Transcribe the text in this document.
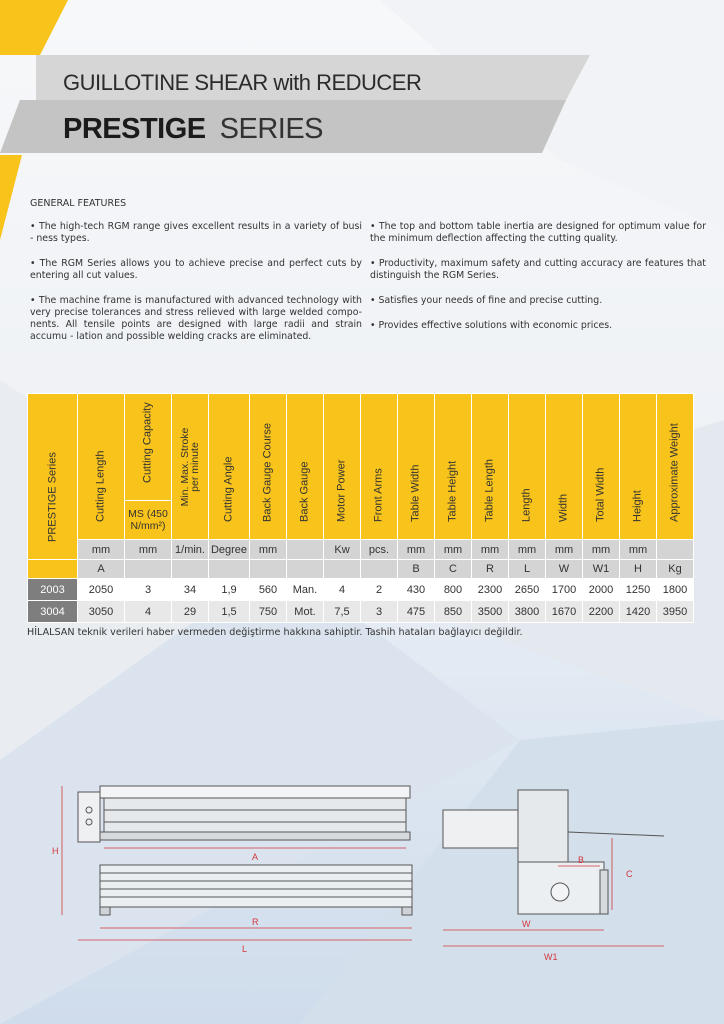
GUILLOTINE SHEAR with REDUCER
PRESTIGE SERIES
GENERAL FEATURES

• The high-tech RGM range gives excellent results in a variety of busi - ness types.

• The RGM Series allows you to achieve precise and perfect cuts by entering all cut values.

• The machine frame is manufactured with advanced technology with very precise tolerances and stress relieved with large welded compo- nents. All tensile points are designed with large radii and strain accumu - lation and possible welding cracks are eliminated.

• The top and bottom table inertia are designed for optimum value for the minimum deflection affecting the cutting quality.

• Productivity, maximum safety and cutting accuracy are features that distinguish the RGM Series.

• Satisfies your needs of fine and precise cutting.

• Provides effective solutions with economic prices.

PRESTIGE Series	Cutting Length	Cutting Capacity	Min. Max. Stroke per minute	Cutting Angle	Back Gauge Course	Back Gauge	Motor Power	Front Arms	Table Width	Table Height	Table Length	Length	Width	Total Width	Height	Approximate Weight

		MS (450 N/mm²)														
	mm	mm	1/min.	Degree	mm		Kw	pcs.	mm	mm	mm	mm	mm	mm	mm	
	A								B	C	R	L	W	W1	H	Kg
2003	2050	3	34	1,9	560	Man.	4	2	430	800	2300	2650	1700	2000	1250	1800
3004	3050	4	29	1,5	750	Mot.	7,5	3	475	850	3500	3800	1670	2200	1420	3950
HİLALSAN teknik verileri haber vermeden değiştirme hakkına sahiptir. Tashih hataları bağlayıcı değildir.
H
A
R
L
B
C
W
W1
